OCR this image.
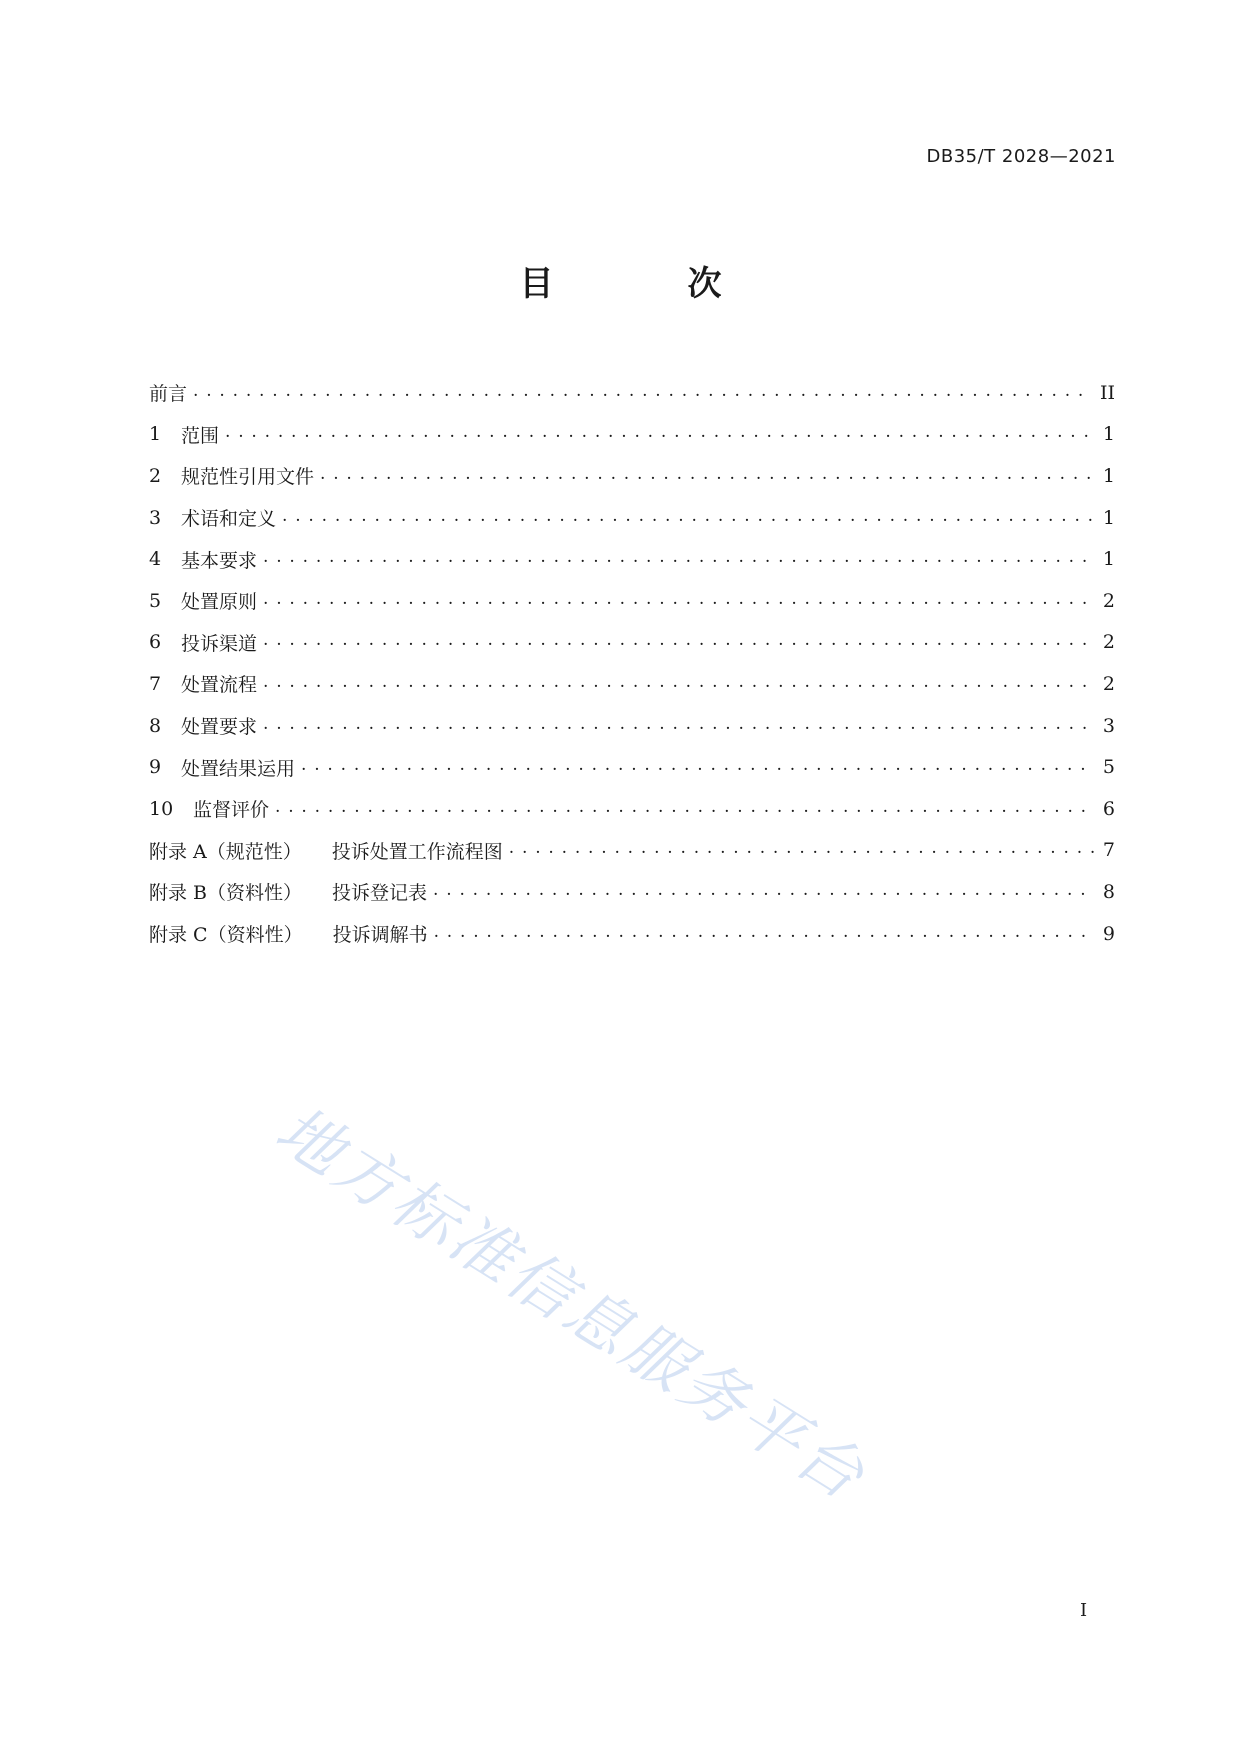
DB35/T 2028—2021
目　次
前言 . . .	II
1	范围 . . .	1
2	规范性引用文件 . . .	1
3	术语和定义 . . .	1
4	基本要求 . . .	1
5	处置原则 . . .	2
6	投诉渠道 . . .	2
7	处置流程 . . .	2
8	处置要求 . . .	3
9	处置结果运用 . . .	5
10	监督评价 . . .	6
附录 A（规范性） 投诉处置工作流程图 . . .	7
附录 B（资料性） 投诉登记表 . . .	8
附录 C（资料性） 投诉调解书 . . .	9
地方标准信息服务平台
I
